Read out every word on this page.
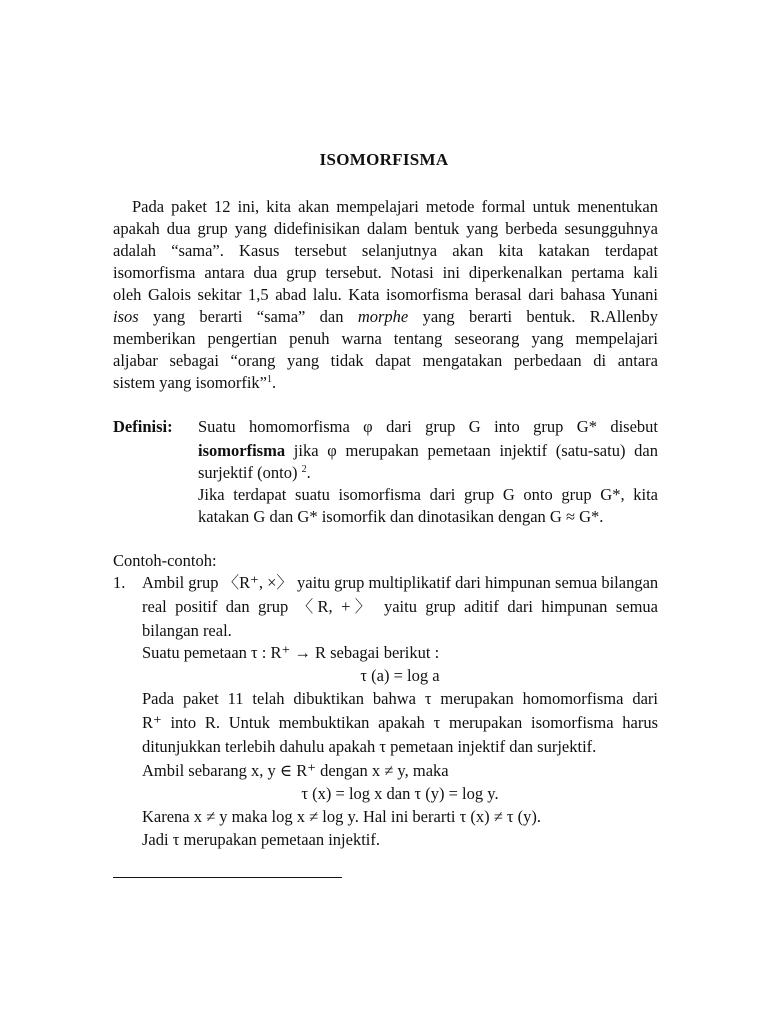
ISOMORFISMA
Pada paket 12 ini, kita akan mempelajari metode formal untuk menentukan
apakah dua grup yang didefinisikan dalam bentuk yang berbeda sesungguhnya
adalah “sama”. Kasus tersebut selanjutnya akan kita katakan terdapat
isomorfisma antara dua grup tersebut. Notasi ini diperkenalkan pertama kali
oleh Galois sekitar 1,5 abad lalu. Kata isomorfisma berasal dari bahasa Yunani
isos yang berarti “sama” dan morphe yang berarti bentuk. R.Allenby
memberikan pengertian penuh warna tentang seseorang yang mempelajari
aljabar sebagai “orang yang tidak dapat mengatakan perbedaan di antara
sistem yang isomorfik”$^1$.
Definisi: Suatu homomorfisma φ dari grup G into grup G* disebut
isomorfisma jika φ merupakan pemetaan injektif (satu-satu) dan
surjektif (onto) $^2$.
Jika terdapat suatu isomorfisma dari grup G onto grup G*, kita
katakan G dan G* isomorfik dan dinotasikan dengan G ≈ G*.
Contoh-contoh:
1. Ambil grup 〈R⁺, ×〉 yaitu grup multiplikatif dari himpunan semua bilangan
real positif dan grup 〈R, +〉 yaitu grup aditif dari himpunan semua
bilangan real.
Suatu pemetaan τ : R⁺ → R sebagai berikut :
τ (a) = log a
Pada paket 11 telah dibuktikan bahwa τ merupakan homomorfisma dari
R⁺ into R. Untuk membuktikan apakah τ merupakan isomorfisma harus
ditunjukkan terlebih dahulu apakah τ pemetaan injektif dan surjektif.
Ambil sebarang x, y ∈ R⁺ dengan x ≠ y, maka
τ (x) = log x dan τ (y) = log y.
Karena x ≠ y maka log x ≠ log y. Hal ini berarti τ (x) ≠ τ (y).
Jadi τ merupakan pemetaan injektif.
